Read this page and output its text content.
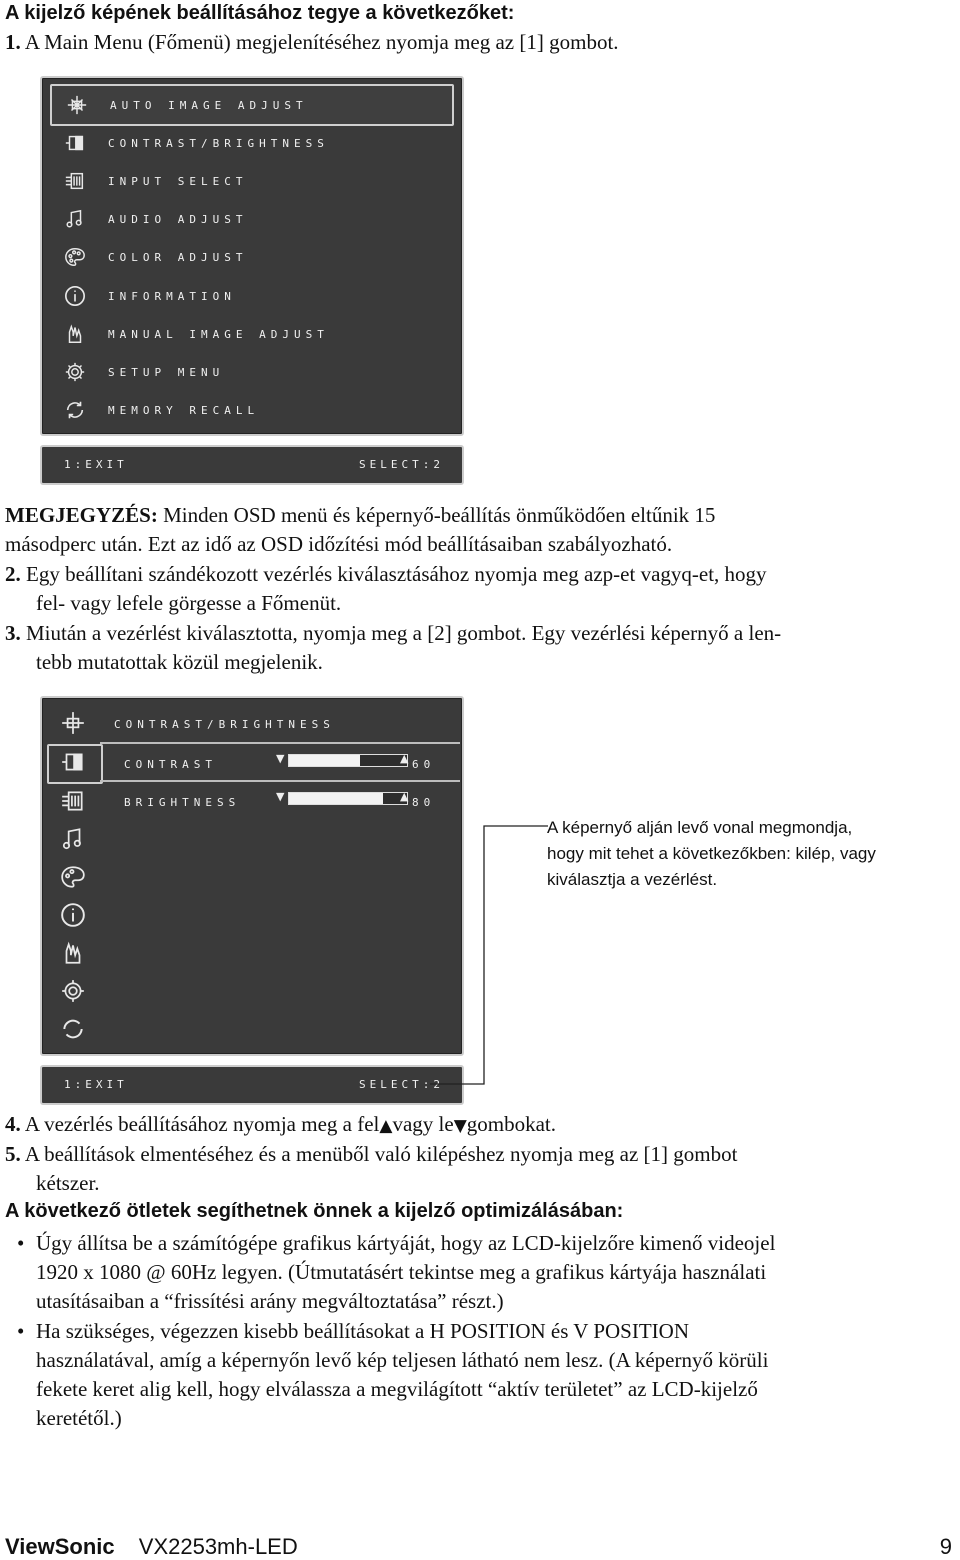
A kijelző képének beállításához tegye a következőket:
1. A Main Menu (Főmenü) megjelenítéséhez nyomja meg az [1] gombot.
AUTO IMAGE ADJUST
CONTRAST/BRIGHTNESS
INPUT SELECT
AUDIO ADJUST
COLOR ADJUST
INFORMATION
MANUAL IMAGE ADJUST
SETUP MENU
MEMORY RECALL
1:EXIT	SELECT:2
MEGJEGYZÉS: Minden OSD menü és képernyő-beállítás önműködően eltűnik 15
másodperc után. Ezt az idő az OSD időzítési mód beállításaiban szabályozható.
2. Egy beállítani szándékozott vezérlés kiválasztásához nyomja meg azp-et vagyq-et, hogy
fel- vagy lefele görgesse a Főmenüt.
3. Miután a vezérlést kiválasztotta, nyomja meg a [2] gombot. Egy vezérlési képernyő a len-
tebb mutatottak közül megjelenik.
CONTRAST/BRIGHTNESS
CONTRAST	▼	▲ 60
BRIGHTNESS	▼	▲ 80
1:EXIT	SELECT:2
A képernyő alján levő vonal megmondja,
hogy mit tehet a következőkben: kilép, vagy
kiválasztja a vezérlést.
4. A vezérlés beállításához nyomja meg a fel▲vagy le▼gombokat.
5. A beállítások elmentéséhez és a menüből való kilépéshez nyomja meg az [1] gombot
kétszer.
A következő ötletek segíthetnek önnek a kijelző optimizálásában:
• Úgy állítsa be a számítógépe grafikus kártyáját, hogy az LCD-kijelzőre kimenő videojel
1920 x 1080 @ 60Hz legyen. (Útmutatásért tekintse meg a grafikus kártyája használati
utasításaiban a “frissítési arány megváltoztatása” részt.)
• Ha szükséges, végezzen kisebb beállításokat a H POSITION és V POSITION
használatával, amíg a képernyőn levő kép teljesen látható nem lesz. (A képernyő körüli
fekete keret alig kell, hogy elválassza a megvilágított “aktív területet” az LCD-kijelző
keretétől.)
ViewSonic VX2253mh-LED	9
